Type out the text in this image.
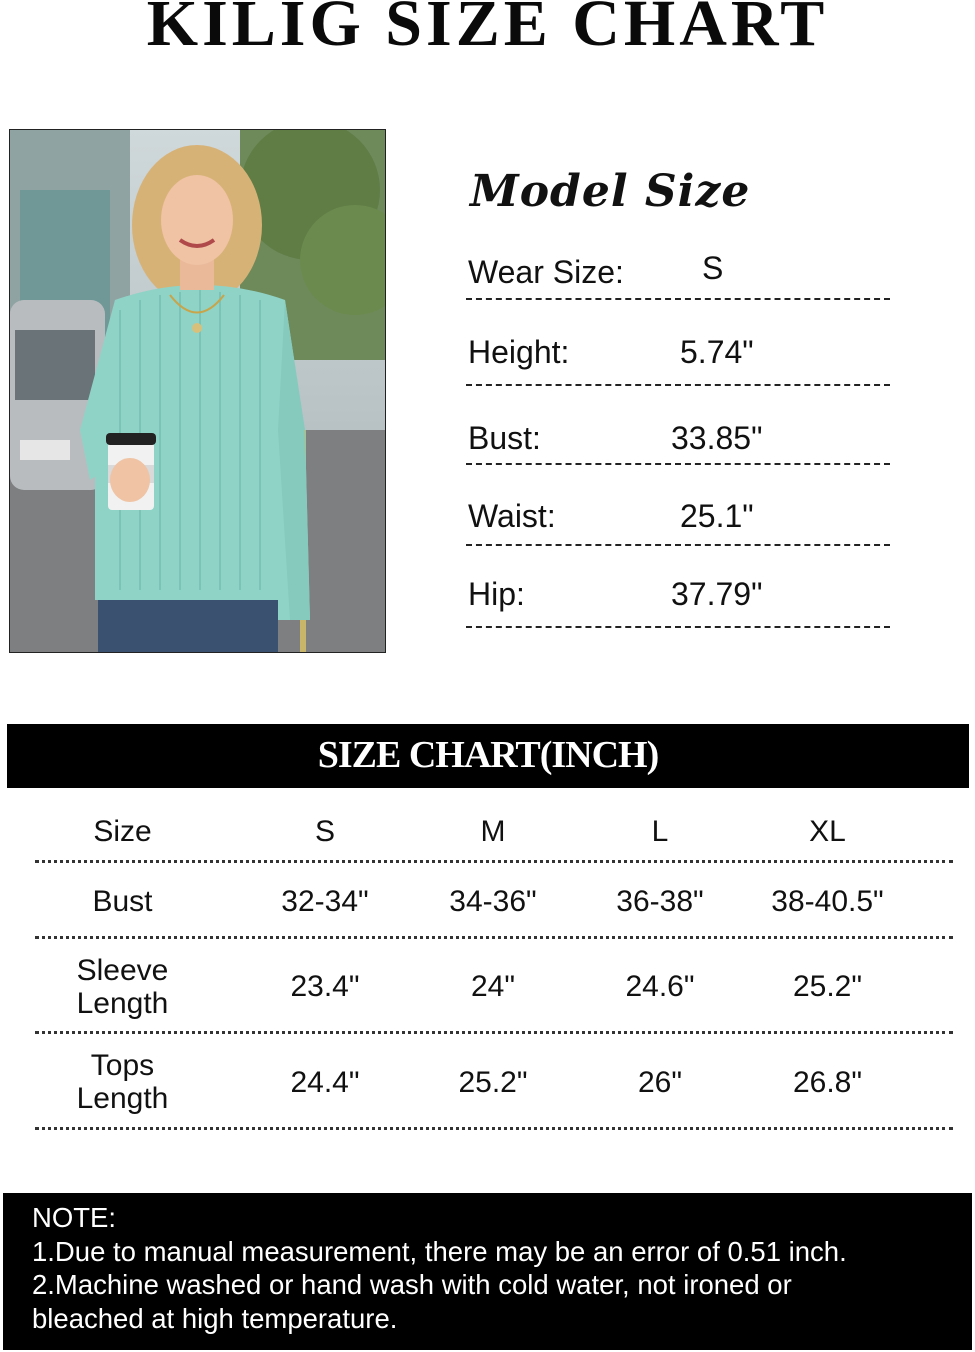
KILIG SIZE CHART
Model Size
Wear Size: S
Height:	5.74"
Bust:	33.85"
Waist:	25.1"
Hip:	37.79"
SIZE CHART(INCH)
Size	S	M	L	XL
Bust	32-34"	34-36"	36-38"	38-40.5"
Sleeve
Length	23.4"	24"	24.6"	25.2"
Tops
Length	24.4"	25.2"	26"	26.8"
NOTE:
1.Due to manual measurement, there may be an error of 0.51 inch.
2.Machine washed or hand wash with cold water, not ironed or
bleached at high temperature.
